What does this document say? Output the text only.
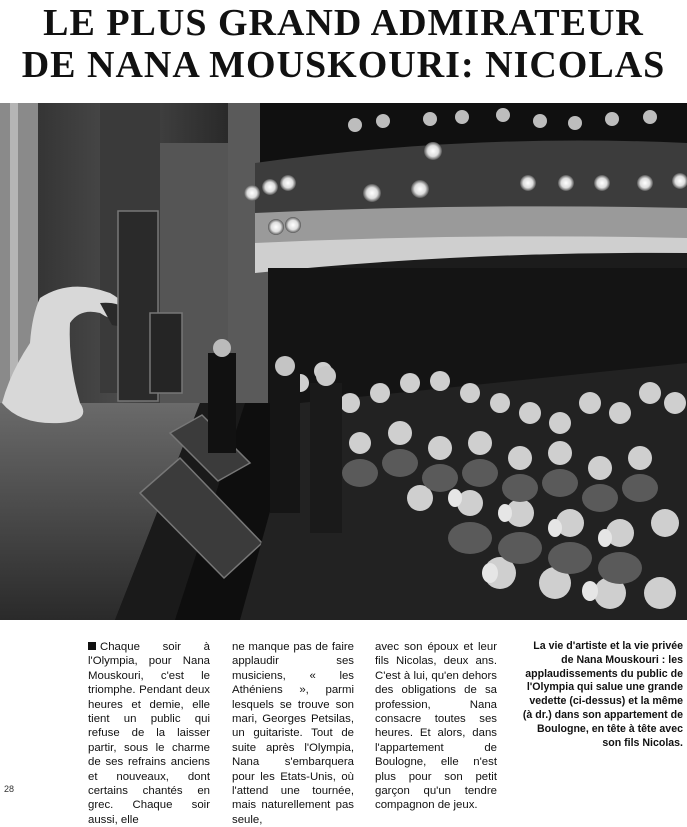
LE PLUS GRAND ADMIRATEUR
DE NANA MOUSKOURI: NICOLAS
Chaque soir à l'Olympia, pour Nana Mouskouri, c'est le triomphe. Pendant deux heures et demie, elle tient un public qui refuse de la laisser partir, sous le charme de ses refrains anciens et nouveaux, dont certains chantés en grec. Chaque soir aussi, elle
ne manque pas de faire applaudir ses musiciens, « les Athéniens », parmi lesquels se trouve son mari, Georges Petsilas, un guitariste. Tout de suite après l'Olympia, Nana s'embarquera pour les Etats-Unis, où l'attend une tournée, mais naturellement pas seule,
avec son époux et leur fils Nicolas, deux ans. C'est à lui, qu'en dehors des obligations de sa profession, Nana consacre toutes ses heures. Et alors, dans l'appartement de Boulogne, elle n'est plus pour son petit garçon qu'un tendre compagnon de jeux.
La vie d'artiste et la vie privée de Nana Mouskouri : les applaudissements du public de l'Olympia qui salue une grande vedette (ci-dessus) et la même (à dr.) dans son appartement de Boulogne, en tête à tête avec son fils Nicolas.
28
